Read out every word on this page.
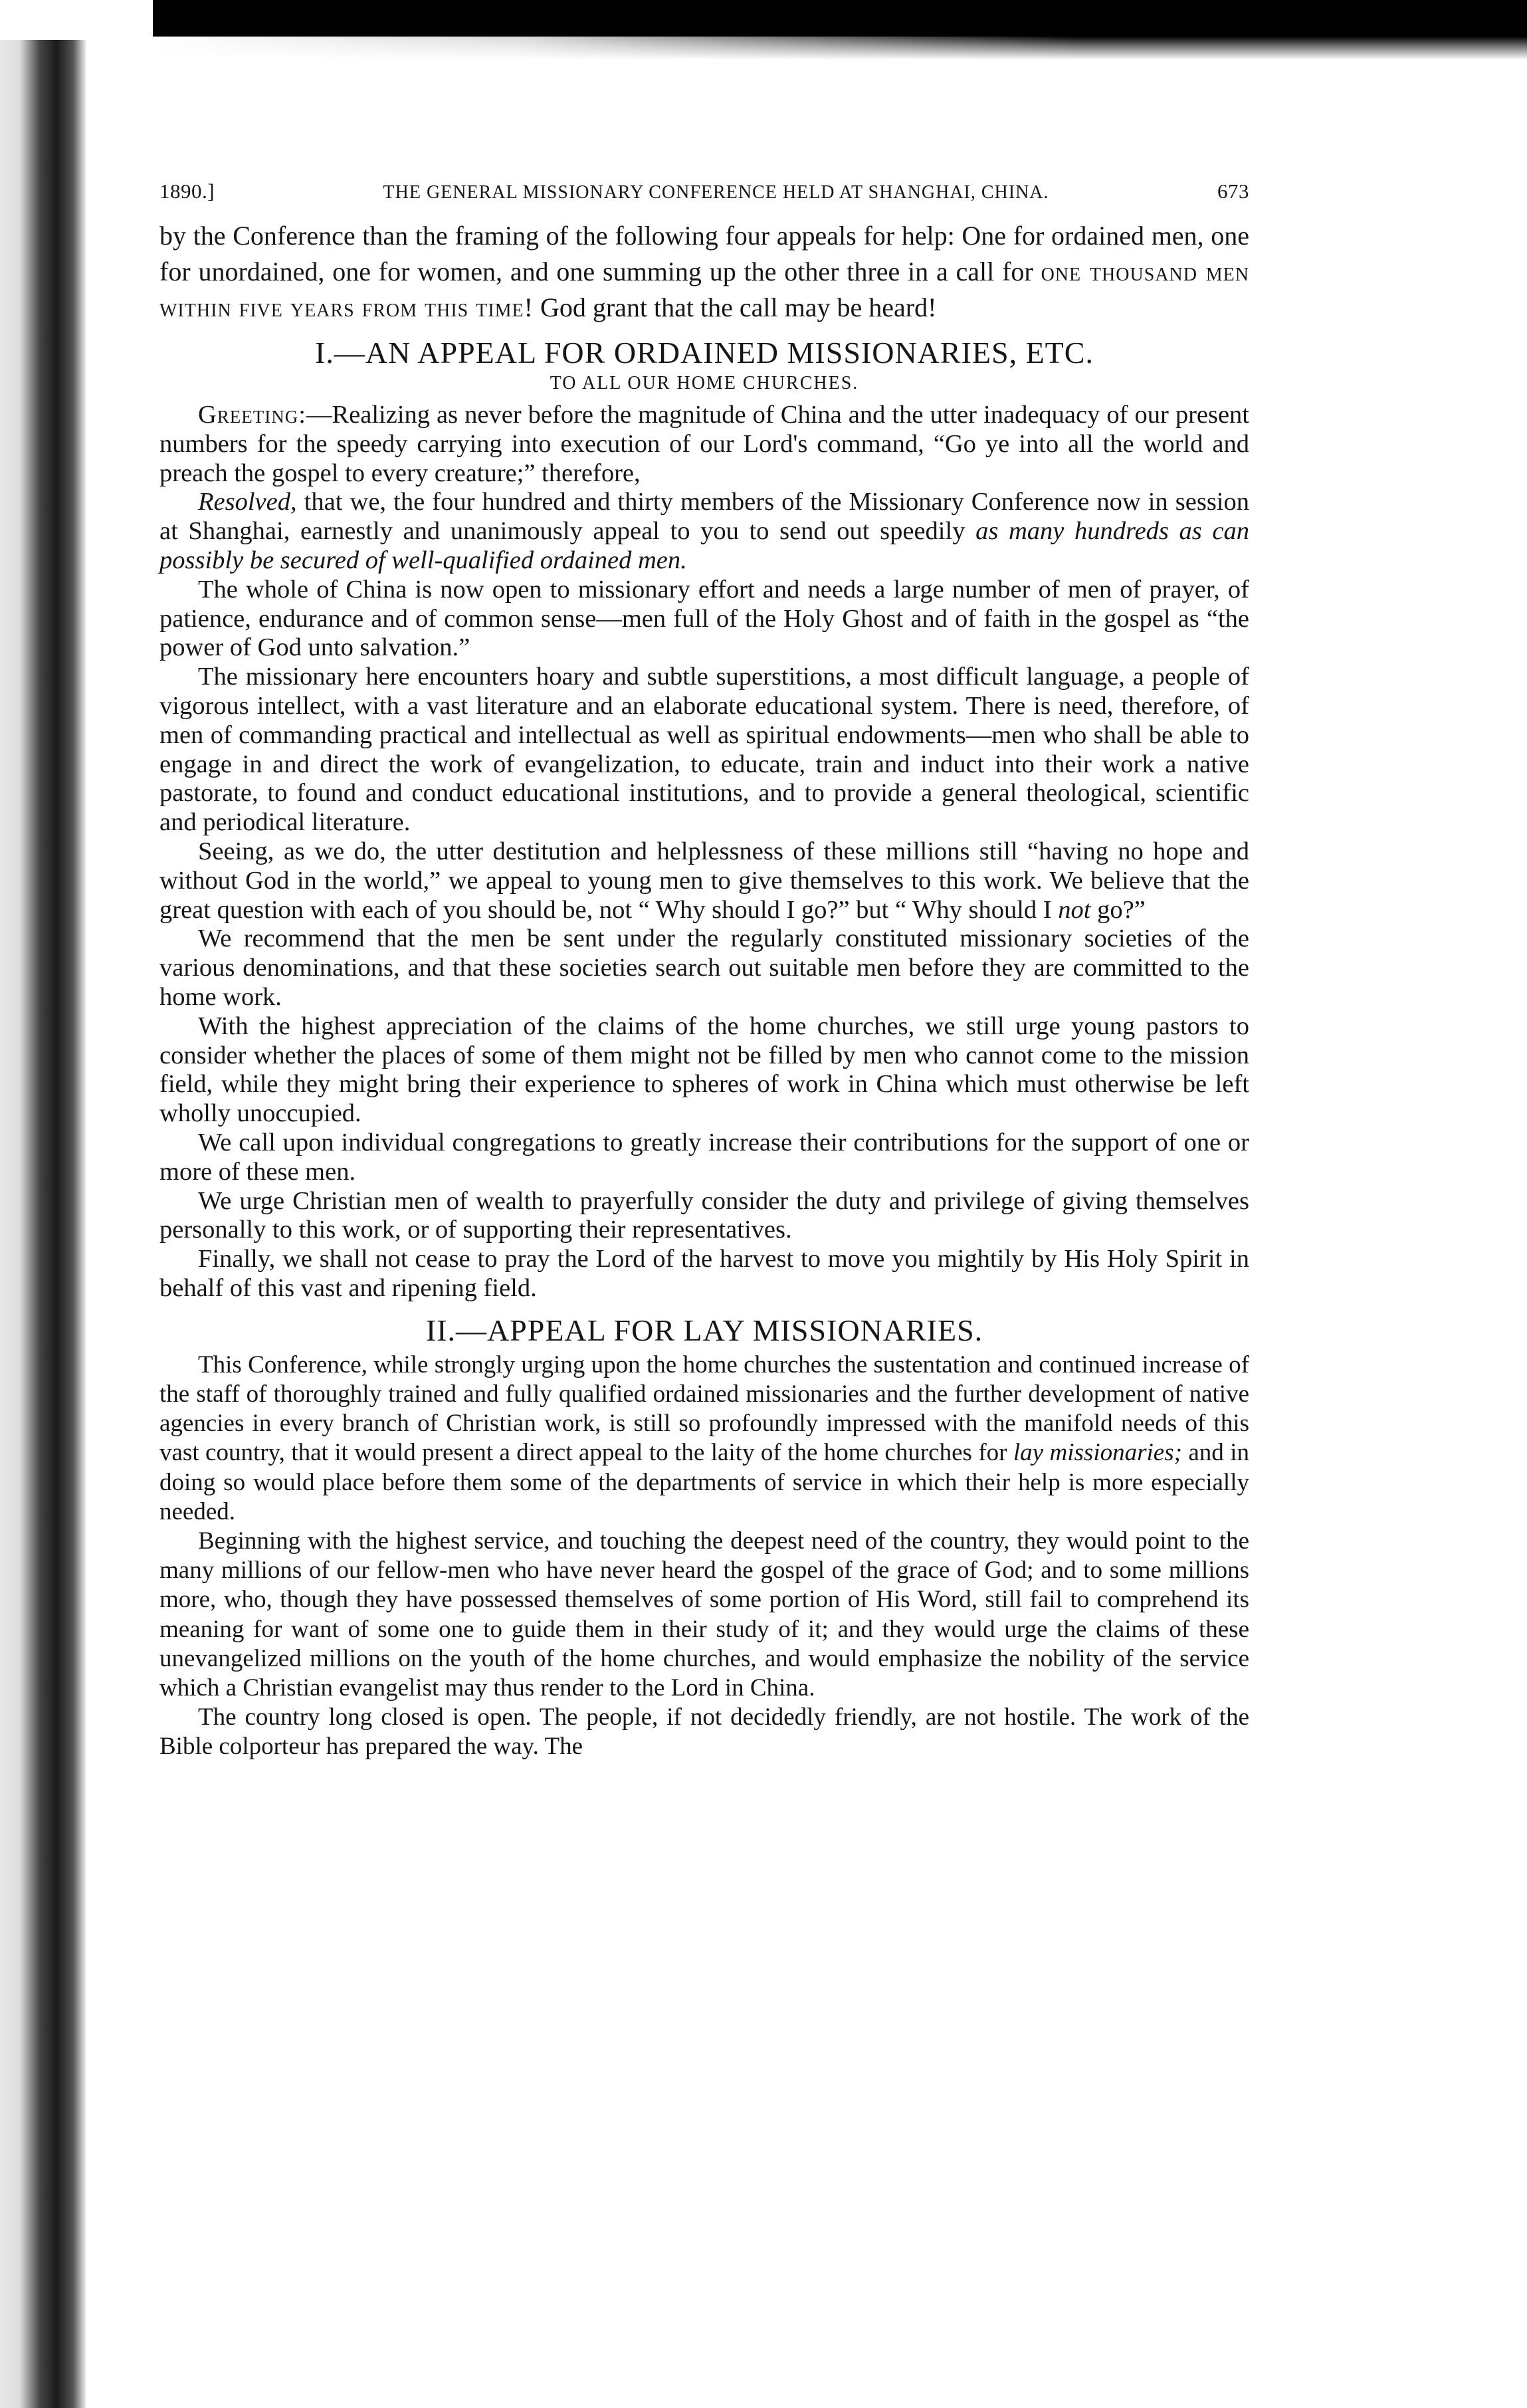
1890.]	THE GENERAL MISSIONARY CONFERENCE HELD AT SHANGHAI, CHINA.	673

by the Conference than the framing of the following four appeals for help: One for ordained men, one for unordained, one for women, and one summing up the other three in a call for one thousand men within five years from this time! God grant that the call may be heard!

I.—AN APPEAL FOR ORDAINED MISSIONARIES, ETC.
TO ALL OUR HOME CHURCHES.

Greeting:—Realizing as never before the magnitude of China and the utter inadequacy of our present numbers for the speedy carrying into execution of our Lord's command, “Go ye into all the world and preach the gospel to every creature;” therefore,

Resolved, that we, the four hundred and thirty members of the Missionary Conference now in session at Shanghai, earnestly and unanimously appeal to you to send out speedily as many hundreds as can possibly be secured of well-qualified ordained men.

The whole of China is now open to missionary effort and needs a large number of men of prayer, of patience, endurance and of common sense—men full of the Holy Ghost and of faith in the gospel as “the power of God unto salvation.”

The missionary here encounters hoary and subtle superstitions, a most difficult language, a people of vigorous intellect, with a vast literature and an elaborate educational system. There is need, therefore, of men of commanding practical and intellectual as well as spiritual endowments—men who shall be able to engage in and direct the work of evangelization, to educate, train and induct into their work a native pastorate, to found and conduct educational institutions, and to provide a general theological, scientific and periodical literature.

Seeing, as we do, the utter destitution and helplessness of these millions still “having no hope and without God in the world,” we appeal to young men to give themselves to this work. We believe that the great question with each of you should be, not “ Why should I go?” but “ Why should I not go?”

We recommend that the men be sent under the regularly constituted missionary societies of the various denominations, and that these societies search out suitable men before they are committed to the home work.

With the highest appreciation of the claims of the home churches, we still urge young pastors to consider whether the places of some of them might not be filled by men who cannot come to the mission field, while they might bring their experience to spheres of work in China which must otherwise be left wholly unoccupied.

We call upon individual congregations to greatly increase their contributions for the support of one or more of these men.

We urge Christian men of wealth to prayerfully consider the duty and privilege of giving themselves personally to this work, or of supporting their representatives.

Finally, we shall not cease to pray the Lord of the harvest to move you mightily by His Holy Spirit in behalf of this vast and ripening field.

II.—APPEAL FOR LAY MISSIONARIES.

This Conference, while strongly urging upon the home churches the sustentation and continued increase of the staff of thoroughly trained and fully qualified ordained missionaries and the further development of native agencies in every branch of Christian work, is still so profoundly impressed with the manifold needs of this vast country, that it would present a direct appeal to the laity of the home churches for lay missionaries; and in doing so would place before them some of the departments of service in which their help is more especially needed.

Beginning with the highest service, and touching the deepest need of the country, they would point to the many millions of our fellow-men who have never heard the gospel of the grace of God; and to some millions more, who, though they have possessed themselves of some portion of His Word, still fail to comprehend its meaning for want of some one to guide them in their study of it; and they would urge the claims of these unevangelized millions on the youth of the home churches, and would emphasize the nobility of the service which a Christian evangelist may thus render to the Lord in China.

The country long closed is open. The people, if not decidedly friendly, are not hostile. The work of the Bible colporteur has prepared the way. The
